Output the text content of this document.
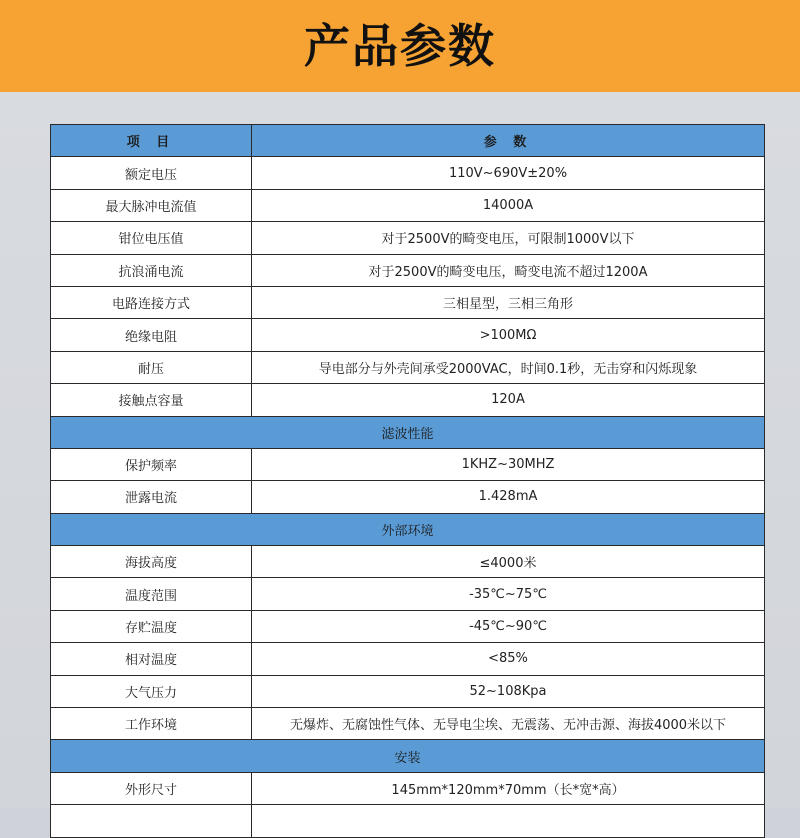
产品参数
项 目	参 数
额定电压	110V~690V±20%
最大脉冲电流值	14000A
钳位电压值	对于2500V的畸变电压，可限制1000V以下
抗浪涌电流	对于2500V的畸变电压，畸变电流不超过1200A
电路连接方式	三相星型，三相三角形
绝缘电阻	>100MΩ
耐压	导电部分与外壳间承受2000VAC，时间0.1秒，无击穿和闪烁现象
接触点容量	120A
滤波性能	
保护频率	1KHZ~30MHZ
泄露电流	1.428mA
外部环境	
海拔高度	≤4000米
温度范围	-35℃~75℃
存贮温度	-45℃~90℃
相对温度	<85%
大气压力	52~108Kpa
工作环境	无爆炸、无腐蚀性气体、无导电尘埃、无震荡、无冲击源、海拔4000米以下
安装	
外形尺寸	145mm*120mm*70mm（长*宽*高）
